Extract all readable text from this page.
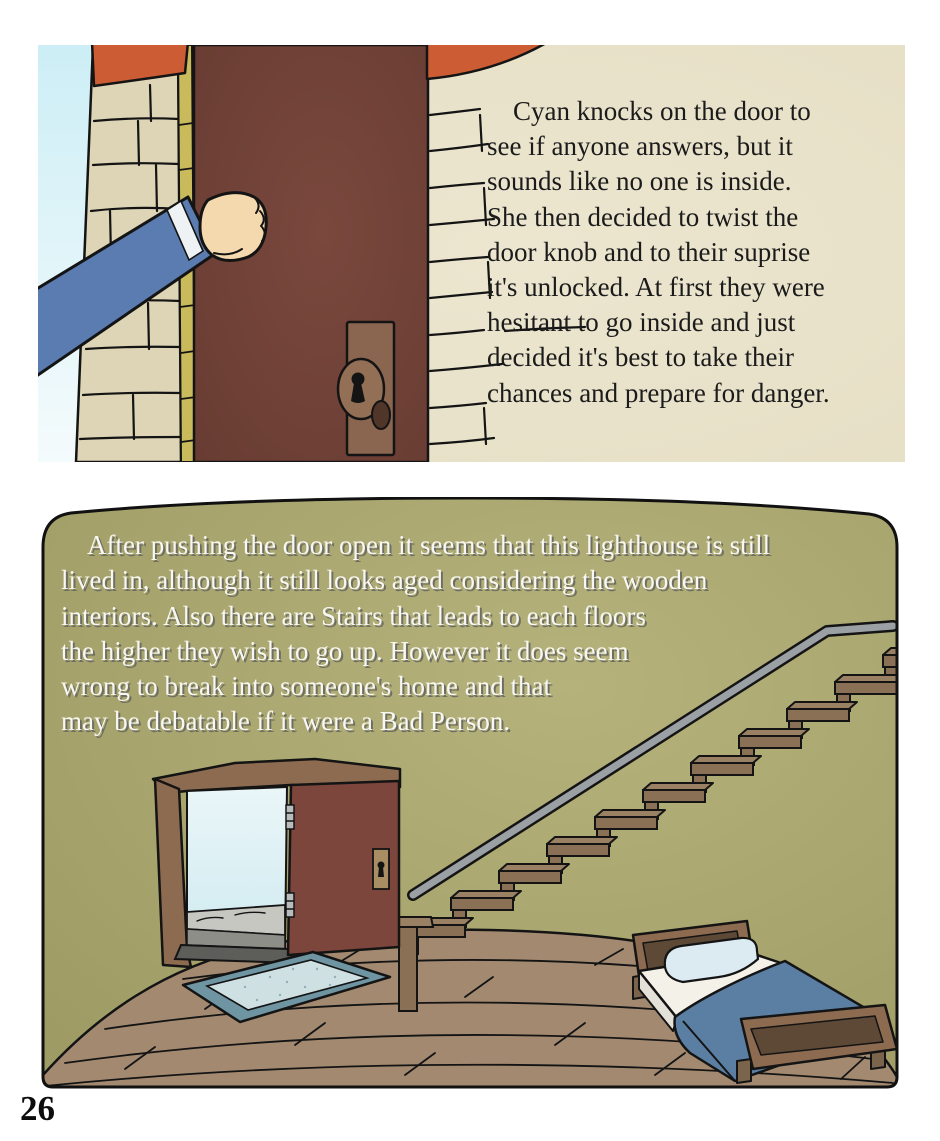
Cyan knocks on the door to
see if anyone answers, but it
sounds like no one is inside.
She then decided to twist the
door knob and to their suprise
it's unlocked. At first they were
hesitant to go inside and just
decided it's best to take their
chances and prepare for danger.
After pushing the door open it seems that this lighthouse is still
lived in, although it still looks aged considering the wooden
interiors. Also there are Stairs that leads to each floors
the higher they wish to go up. However it does seem
wrong to break into someone's home and that
may be debatable if it were a Bad Person.
26
